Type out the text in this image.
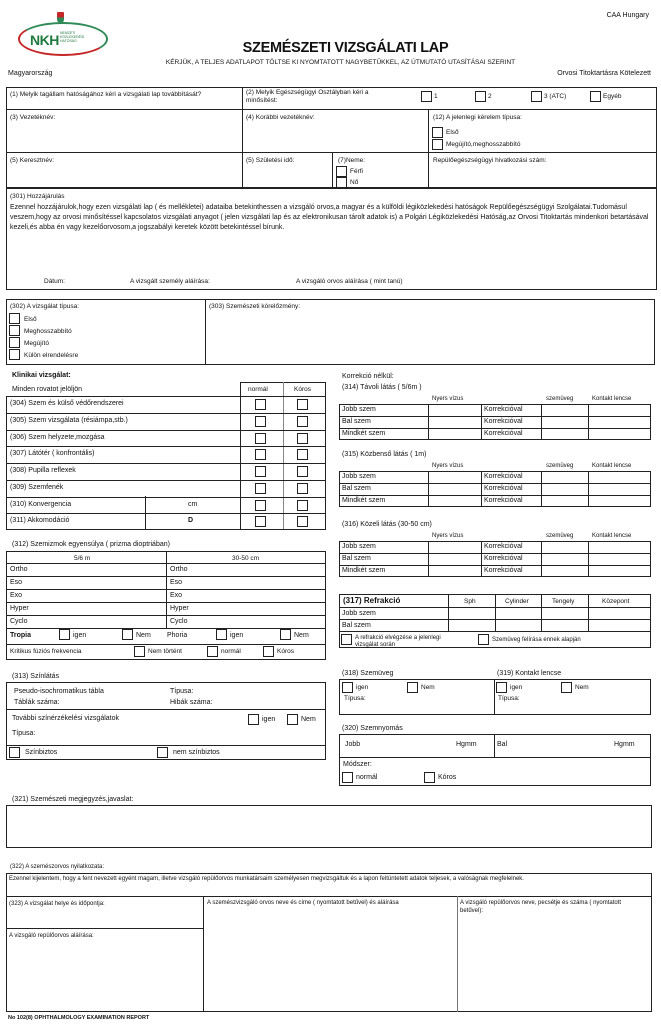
NKH NEMZETI KÖZLEKEDÉSI HATÓSÁG
CAA Hungary
SZEMÉSZETI VIZSGÁLATI LAP
KÉRJÜK, A TELJES ADATLAPOT TÖLTSE KI NYOMTATOTT NAGYBETŰKKEL, AZ ÚTMUTATÓ UTASÍTÁSAI SZERINT
Magyarország	Orvosi Titoktartásra Kötelezett
(1) Melyik tagállam hatóságához kéri a vizsgálati lap továbbítását?	(2) Melyik Egészségügyi Osztályban kéri a minősítést:
1	2	3 (ATC)	Egyéb
(3) Vezetéknév:	(4) Korábbi vezetéknév:	(12) A jelenlegi kérelem típusa:
Első
Megújító,meghosszabbító
(5) Keresztnév:	(5) Születési idő:	(7)Neme:
Férfi
Nő
Repülőegészségügyi hivatkozási szám:
(301) Hozzájárulás
Ezennel hozzájárulok,hogy ezen vizsgálati lap ( és mellékletei) adataiba betekinthessen a vizsgáló orvos,a magyar és a külföldi légiközlekedési hatóságok Repülőegészségügyi Szolgálatai.Tudomásul veszem,hogy az orvosi minősítéssel kapcsolatos vizsgálati anyagot ( jelen vizsgálati lap és az elektronikusan tárolt adatok is) a Polgári Légiközlekedési Hatóság,az Orvosi Titoktartás mindenkori betartásával kezeli,és abba én vagy kezelőorvosom,a jogszabályi keretek között betekintéssel bírunk.
Dátum:	A vizsgált személy aláírása:	A vizsgáló orvos aláírása ( mint tanú)
(302) A vizsgálat típusa:
Első
Meghosszabbító
Megújító
Külön elrendelésre
(303) Szemészeti kórelőzmény:
Klinikai vizsgálat:
Minden rovatot jelöljön	normál	Kóros
(304) Szem és külső védőrendszerei
(305) Szem vizsgálata (résiámpa,stb.)
(306) Szem helyzete,mozgása
(307) Látótér ( konfrontális)
(308) Pupilla reflexek
(309) Szemfenék
(310) Konvergencia	cm
(311) Akkomodáció	D
(312) Szemizmok egyensúlya ( prizma dioptriában)
5/6 m	30-50 cm
Ortho	Ortho
Eso	Eso
Exo	Exo
Hyper	Hyper
Cyclo	Cyclo
Tropia	igen	Nem Phoria	igen	Nem
Kritikus fúziós frekvencia	Nem történt	normál	Kóros
(313) Színlátás
Pseudo-isochromatikus tábla	Típusa:
Táblák száma:	Hibák száma:
További színérzékelési vizsgálatok	igen	Nem
Típusa:
Színbiztos	nem színbiztos
Korrekció nélkül:
(314) Távoli látás ( 5/6m )
Nyers vízus	szemüveg	Kontakt lencse
Jobb szem	Korrekcióval
Bal szem	Korrekcióval
Mindkét szem	Korrekcióval
(315) Közbenső látás ( 1m)
Nyers vízus	szemüveg	Kontakt lencse
Jobb szem	Korrekcióval
Bal szem	Korrekcióval
Mindkét szem	Korrekcióval
(316) Közeli látás (30-50 cm)
Nyers vízus	szemüveg	Kontakt lencse
Jobb szem	Korrekcióval
Bal szem	Korrekcióval
Mindkét szem	Korrekcióval
(317) Refrakció	Sph	Cylinder	Tengely	Közepont
Jobb szem
Bal szem
A refrakció elvégzése a jelenlegi vizsgálat során
Szemüveg felírása ennek alapján
(318) Szemüveg	(319) Kontakt lencse
igen	Nem
Típusa:
igen	Nem
Típusa:
(320) Szemnyomás
Jobb	Hgmm	Bal	Hgmm
Módszer:
normál	Kóros
(321) Szemészeti megjegyzés,javaslat:
(322) A szemészorvos nyilatkozata:
Ezennel kijelentem, hogy a fent nevezett egyént magam, illetve vizsgáló repülőorvos munkatársaim személyesen megvizsgáltuk és a lapon feltüntetett adatok teljesek, a valóságnak megfelelnek.
(323) A vizsgálat helye és időpontja:
A vizsgáló repülőorvos aláírása:
A szemészvizsgáló orvos neve és címe ( nyomtatott betűvel) és aláírása	A vizsgáló repülőorvos neve, pecsétje és száma ( nyomtatott betűvel):
No 102(8) OPHTHALMOLOGY EXAMINATION REPORT
